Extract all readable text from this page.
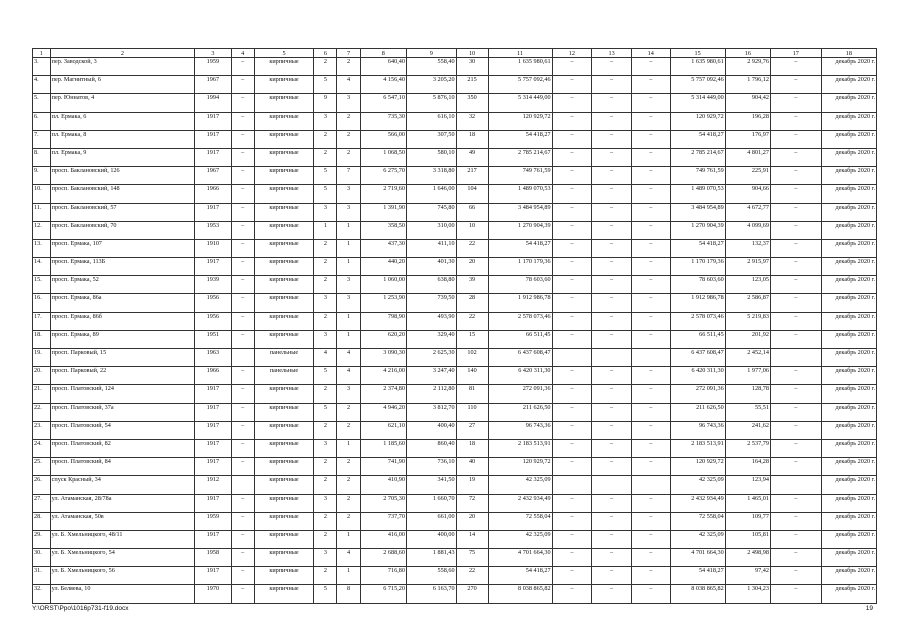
1	2	3	4	5	6	7	8	9	10	11	12	13	14	15	16	17	18
3.	пер. Заводской, 3	1959	–	кирпичные	2	2	640,40	558,40	30	1 635 980,61	–	–	–	1 635 980,61	2 929,76	–	декабрь 2020 г.
4.	пер. Магнитный, 6	1967	–	кирпичные	5	4	4 156,40	3 205,20	215	5 757 092,46	–	–	–	5 757 092,46	1 796,12	–	декабрь 2020 г.
5.	пер. Юннатов, 4	1994	–	кирпичные	9	3	6 547,10	5 876,10	350	5 314 449,00	–	–	–	5 314 449,00	904,42	–	декабрь 2020 г.
6.	пл. Ермака, 6	1917	–	кирпичные	3	2	735,30	616,10	32	120 929,72	–	–	–	120 929,72	196,28	–	декабрь 2020 г.
7.	пл. Ермака, 8	1917	–	кирпичные	2	2	566,00	307,50	18	54 418,27	–	–	–	54 418,27	176,97	–	декабрь 2020 г.
8.	пл. Ермака, 9	1917	–	кирпичные	2	2	1 068,50	580,10	49	2 785 214,67	–	–	–	2 785 214,67	4 801,27	–	декабрь 2020 г.
9.	просп. Баклановский, 126	1967	–	кирпичные	5	7	6 275,70	3 318,80	217	749 761,59	–	–	–	749 761,59	225,91	–	декабрь 2020 г.
10.	просп. Баклановский, 148	1966	–	кирпичные	5	3	2 719,60	1 646,00	104	1 489 070,53	–	–	–	1 489 070,53	904,66	–	декабрь 2020 г.
11.	просп. Баклановский, 57	1917	–	кирпичные	3	3	1 391,90	745,80	66	3 484 954,89	–	–	–	3 484 954,89	4 672,77	–	декабрь 2020 г.
12.	просп. Баклановский, 70	1953	–	кирпичные	1	1	358,50	310,00	10	1 270 904,39	–	–	–	1 270 904,39	4 099,69	–	декабрь 2020 г.
13.	просп. Ермака, 107	1910	–	кирпичные	2	1	437,30	411,10	22	54 418,27	–	–	–	54 418,27	132,37	–	декабрь 2020 г.
14.	просп. Ермака, 113Б	1917	–	кирпичные	2	1	440,20	401,30	20	1 170 179,36	–	–	–	1 170 179,36	2 915,97	–	декабрь 2020 г.
15.	просп. Ермака, 52	1939	–	кирпичные	2	3	1 060,00	638,80	39	78 603,60	–	–	–	78 603,60	123,05	–	декабрь 2020 г.
16.	просп. Ермака, 86а	1956	–	кирпичные	3	3	1 253,90	739,50	28	1 912 986,78	–	–	–	1 912 986,78	2 586,87	–	декабрь 2020 г.
17.	просп. Ермака, 86б	1956	–	кирпичные	2	1	798,90	493,90	22	2 578 073,46	–	–	–	2 578 073,46	5 219,83	–	декабрь 2020 г.
18.	просп. Ермака, 89	1951	–	кирпичные	3	1	620,20	329,40	15	66 511,45	–	–	–	66 511,45	201,92	–	декабрь 2020 г.
19.	просп. Парковый, 15	1963		панельные	4	4	3 090,30	2 625,30	102	6 437 608,47				6 437 608,47	2 452,14		декабрь 2020 г.
20.	просп. Парковый, 22	1966	–	панельные	5	4	4 216,00	3 247,40	140	6 420 311,30	–	–	–	6 420 311,30	1 977,06	–	декабрь 2020 г.
21.	просп. Платовский, 124	1917	–	кирпичные	2	3	2 374,80	2 112,80	81	272 091,36	–	–	–	272 091,36	128,78	–	декабрь 2020 г.
22.	просп. Платовский, 37а	1917	–	кирпичные	5	2	4 946,20	3 812,70	110	211 626,50	–	–	–	211 626,50	55,51	–	декабрь 2020 г.
23.	просп. Платовский, 54	1917	–	кирпичные	2	2	621,10	400,40	27	96 743,36	–	–	–	96 743,36	241,62	–	декабрь 2020 г.
24.	просп. Платовский, 82	1917	–	кирпичные	3	1	1 185,60	860,40	18	2 183 513,91	–	–	–	2 183 513,91	2 537,79	–	декабрь 2020 г.
25.	просп. Платовский, 84	1917	–	кирпичные	2	2	741,90	736,10	40	120 929,72	–	–	–	120 929,72	164,28	–	декабрь 2020 г.
26.	спуск Красный, 34	1912		кирпичные	2	2	410,90	341,50	19	42 325,09				42 325,09	123,94		декабрь 2020 г.
27.	ул. Атаманская, 28/78а	1917	–	кирпичные	3	2	2 705,30	1 660,70	72	2 432 934,49	–	–	–	2 432 934,49	1 465,01	–	декабрь 2020 г.
28.	ул. Атаманская, 50в	1959	–	кирпичные	2	2	737,70	661,00	20	72 558,04	–	–	–	72 558,04	109,77	–	декабрь 2020 г.
29.	ул. Б. Хмельницкого, 48/11	1917	–	кирпичные	2	1	416,00	400,00	14	42 325,09	–	–	–	42 325,09	105,81	–	декабрь 2020 г.
30.	ул. Б. Хмельницкого, 54	1958	–	кирпичные	3	4	2 688,60	1 881,43	75	4 701 664,30	–	–	–	4 701 664,30	2 498,98	–	декабрь 2020 г.
31.	ул. Б. Хмельницкого, 56	1917	–	кирпичные	2	1	716,80	558,60	22	54 418,27	–	–	–	54 418,27	97,42	–	декабрь 2020 г.
32.	ул. Беляева, 10	1970	–	кирпичные	5	8	6 715,20	6 163,70	270	8 038 865,82	–	–	–	8 038 865,82	1 304,23	–	декабрь 2020 г.
Y:\ORST\Ppo\1016p731-f19.docx	19
